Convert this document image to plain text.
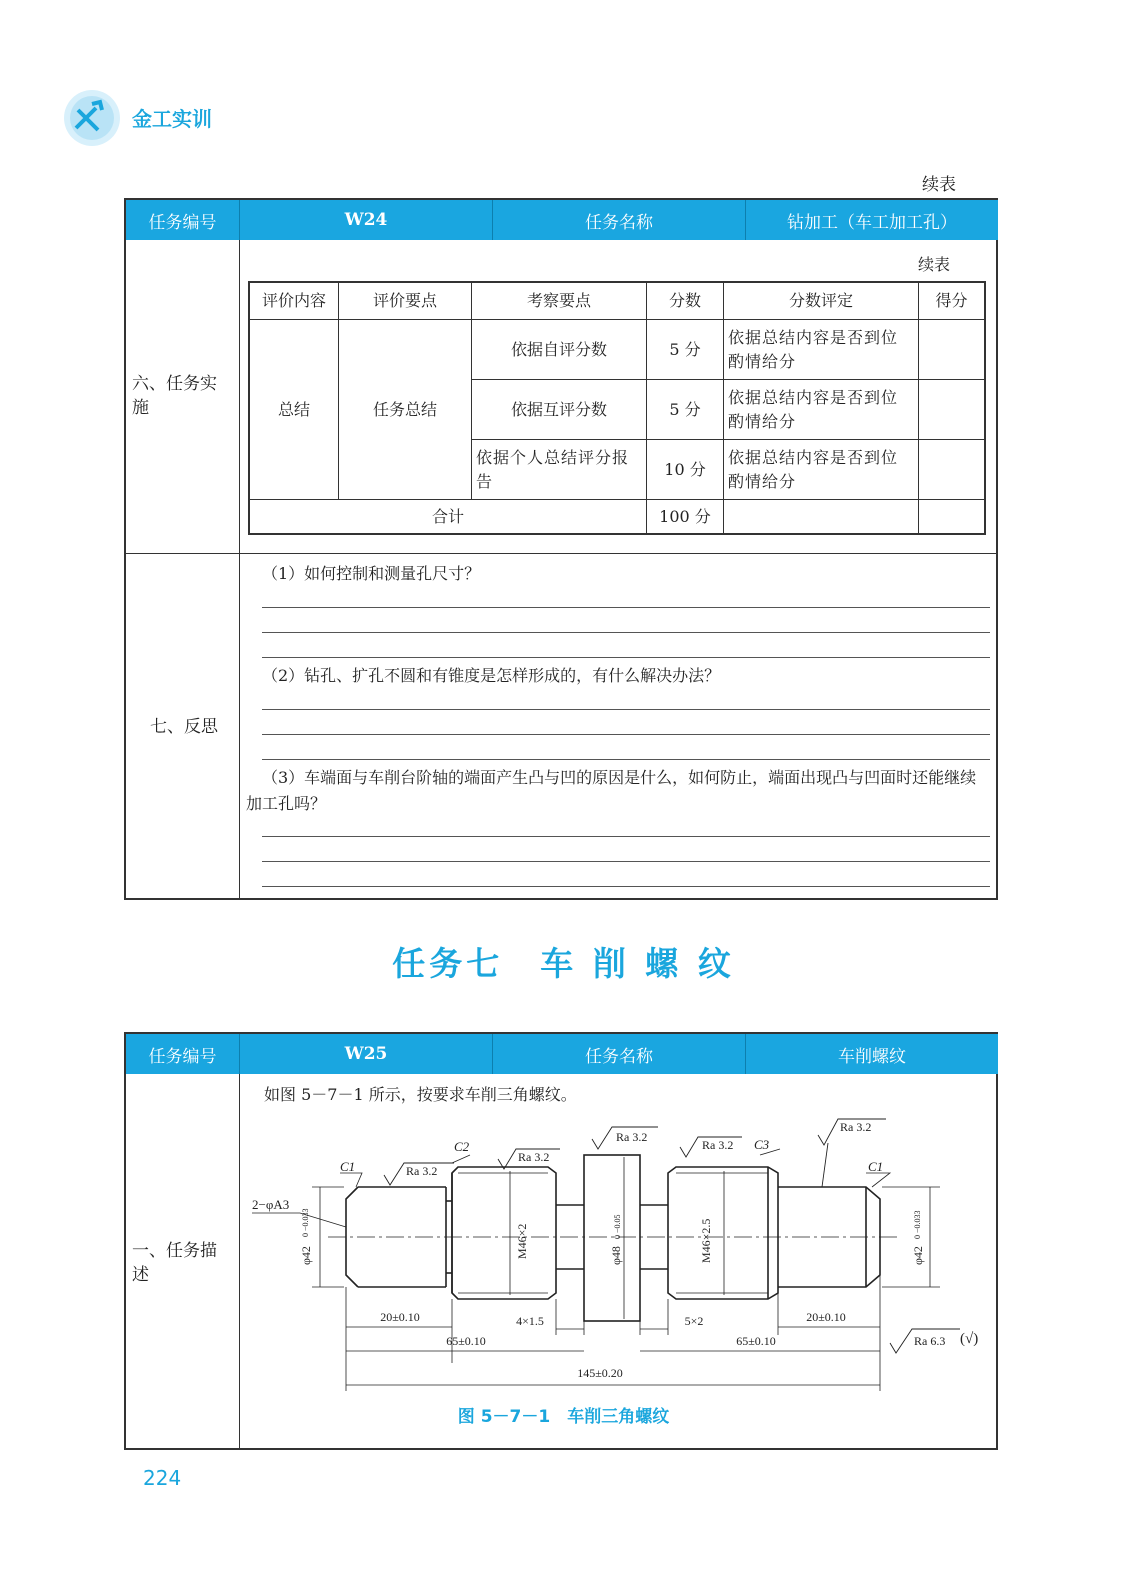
金工实训
续表
任务编号	W24	任务名称	钻加工（车工加工孔）
六、任务实施
续表
七、反思
评价内容	评价要点	考察要点	分数	分数评定	得分
总结	任务总结	依据自评分数	5 分	依据总结内容是否到位酌情给分	
		依据互评分数	5 分	依据总结内容是否到位酌情给分	
		依据个人总结评分报告	10 分	依据总结内容是否到位酌情给分	
合计			100 分		
（1）如何控制和测量孔尺寸？
（2）钻孔、扩孔不圆和有锥度是怎样形成的，有什么解决办法？
（3）车端面与车削台阶轴的端面产生凸与凹的原因是什么，如何防止，端面出现凸与凹面时还能继续加工孔吗？
任务七　车 削 螺 纹
任务编号	W25	任务名称	车削螺纹
一、任务描述
如图 5－7－1 所示，按要求车削三角螺纹。
φ42
0 −0.033
M46×2	φ48
0 −0.05	M46×2.5	φ42
0 −0.033
2−φA3
C1
C2	C3
C1
Ra 3.2
Ra 3.2
Ra 3.2
Ra 3.2
Ra 3.2
Ra 6.3 (√)
20±0.10	4×1.5	5×2	20±0.10
65±0.10	65±0.10
145±0.20
图 5－7－1　车削三角螺纹
224
